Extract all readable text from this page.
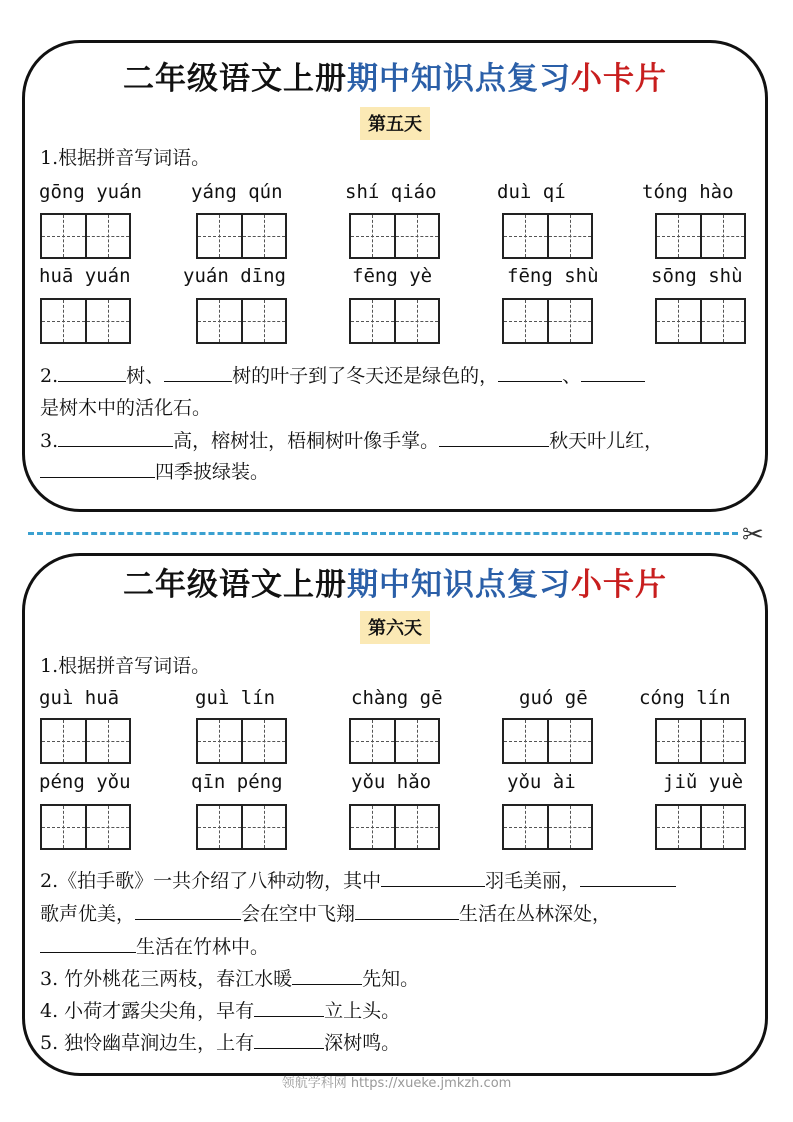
二年级语文上册期中知识点复习小卡片
第五天
1.根据拼音写词语。
gōng yuán	yáng qún	shí qiáo	duì qí	tóng hào
huā yuán	yuán dīng	fēng yè	fēng shù	sōng shù
2.	树、	树的叶子到了冬天还是绿色的，	、
是树木中的活化石。
3.	高，榕树壮，梧桐树叶像手掌。	秋天叶儿红，
四季披绿装。
✂
二年级语文上册期中知识点复习小卡片
第六天
1.根据拼音写词语。
guì huā	guì lín	chàng gē	guó gē	cóng lín
péng yǒu	qīn péng	yǒu hǎo	yǒu ài	jiǔ yuè
2.《拍手歌》一共介绍了八种动物，其中	羽毛美丽，
歌声优美，	会在空中飞翔	生活在丛林深处，
生活在竹林中。
3. 竹外桃花三两枝，春江水暖	先知。
4. 小荷才露尖尖角，早有	立上头。
5. 独怜幽草涧边生，上有	深树鸣。
领航学科网 https://xueke.jmkzh.com
